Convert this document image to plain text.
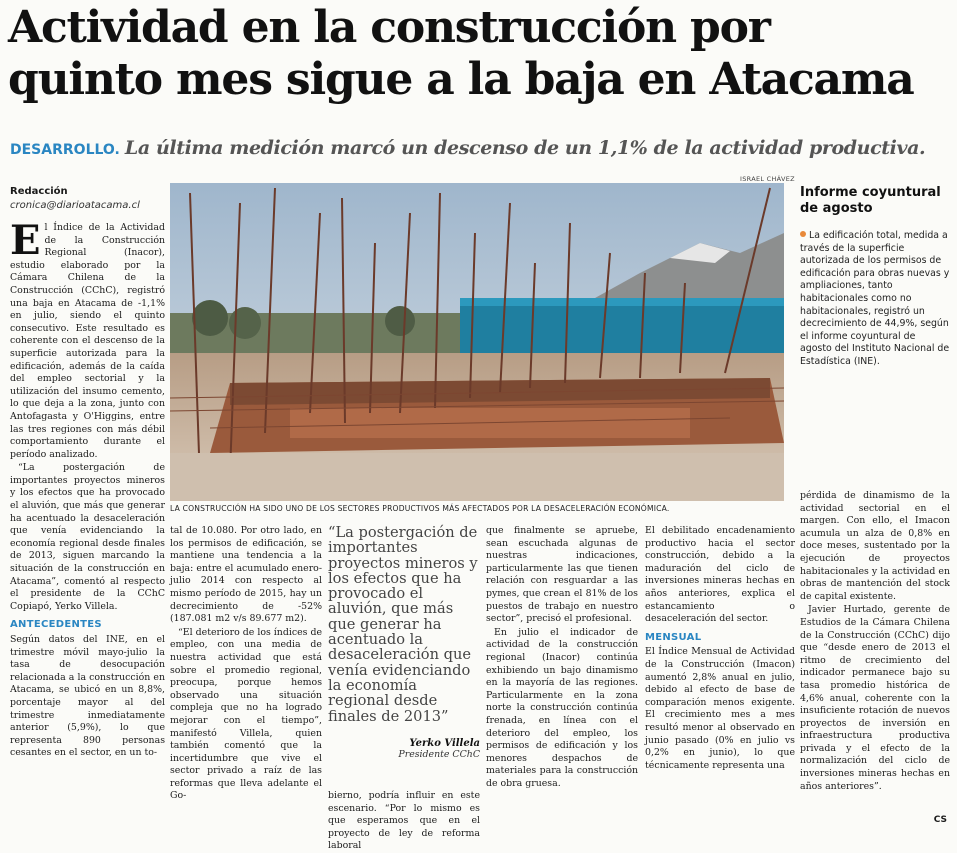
Actividad en la construcción por
quinto mes sigue a la baja en Atacama
DESARROLLO. La última medición marcó un descenso de un 1,1% de la actividad productiva.
Redacción
cronica@diarioatacama.cl

El Índice de la Actividad de la Construcción Regional (Inacor), estudio elaborado por la Cámara Chilena de la Construcción (CChC), registró una baja en Atacama de -1,1% en julio, siendo el quinto consecutivo. Este resultado es coherente con el descenso de la superficie autorizada para la edificación, además de la caída del empleo sectorial y la utilización del insumo cemento, lo que deja a la zona, junto con Antofagasta y O'Higgins, entre las tres regiones con más débil comportamiento durante el período analizado.

“La postergación de importantes proyectos mineros y los efectos que ha provocado el aluvión, que más que generar ha acentuado la desaceleración que venía evidenciando la economía regional desde finales de 2013, siguen marcando la situación de la construcción en Atacama”, comentó al respecto el presidente de la CChC Copiapó, Yerko Villela.

ANTECEDENTES

Según datos del INE, en el trimestre móvil mayo-julio la tasa de desocupación relacionada a la construcción en Atacama, se ubicó en un 8,8%, porcentaje mayor al del trimestre inmediatamente anterior (5,9%), lo que representa 890 personas cesantes en el sector, en un to-

ISRAEL CHÁVEZ
LA CONSTRUCCIÓN HA SIDO UNO DE LOS SECTORES PRODUCTIVOS MÁS AFECTADOS POR LA DESACELERACIÓN ECONÓMICA.
Informe coyuntural de agosto
La edificación total, medida a través de la superficie autorizada de los permisos de edificación para obras nuevas y ampliaciones, tanto habitacionales como no habitacionales, registró un decrecimiento de 44,9%, según el informe coyuntural de agosto del Instituto Nacional de Estadística (INE).

tal de 10.080. Por otro lado, en los permisos de edificación, se mantiene una tendencia a la baja: entre el acumulado enero-julio 2014 con respecto al mismo período de 2015, hay un decrecimiento de -52% (187.081 m2 v/s 89.677 m2).

“El deterioro de los índices de empleo, con una media de nuestra actividad que está sobre el promedio regional, preocupa, porque hemos observado una situación compleja que no ha logrado mejorar con el tiempo”, manifestó Villela, quien también comentó que la incertidumbre que vive el sector privado a raíz de las reformas que lleva adelante el Go-

“La postergación de importantes proyectos mineros y los efectos que ha provocado el aluvión, que más que generar ha acentuado la desaceleración que venía evidenciando la economía regional desde finales de 2013”
Yerko Villela
Presidente CChC

bierno, podría influir en este escenario. “Por lo mismo es que esperamos que en el proyecto de ley de reforma laboral

que finalmente se apruebe, sean escuchada algunas de nuestras indicaciones, particularmente las que tienen relación con resguardar a las pymes, que crean el 81% de los puestos de trabajo en nuestro sector”, precisó el profesional.

En julio el indicador de actividad de la construcción regional (Inacor) continúa exhibiendo un bajo dinamismo en la mayoría de las regiones. Particularmente en la zona norte la construcción continúa frenada, en línea con el deterioro del empleo, los permisos de edificación y los menores despachos de materiales para la construcción de obra gruesa.

El debilitado encadenamiento productivo hacia el sector construcción, debido a la maduración del ciclo de inversiones mineras hechas en años anteriores, explica el estancamiento o desaceleración del sector.

MENSUAL

El Índice Mensual de Actividad de la Construcción (Imacon) aumentó 2,8% anual en julio, debido al efecto de base de comparación menos exigente. El crecimiento mes a mes resultó menor al observado en junio pasado (0% en julio vs 0,2% en junio), lo que técnicamente representa una

pérdida de dinamismo de la actividad sectorial en el margen. Con ello, el Imacon acumula un alza de 0,8% en doce meses, sustentado por la ejecución de proyectos habitacionales y la actividad en obras de mantención del stock de capital existente.

Javier Hurtado, gerente de Estudios de la Cámara Chilena de la Construcción (CChC) dijo que “desde enero de 2013 el ritmo de crecimiento del indicador permanece bajo su tasa promedio histórica de 4,6% anual, coherente con la insuficiente rotación de nuevos proyectos de inversión en infraestructura productiva privada y el efecto de la normalización del ciclo de inversiones mineras hechas en años anteriores”.

CS
